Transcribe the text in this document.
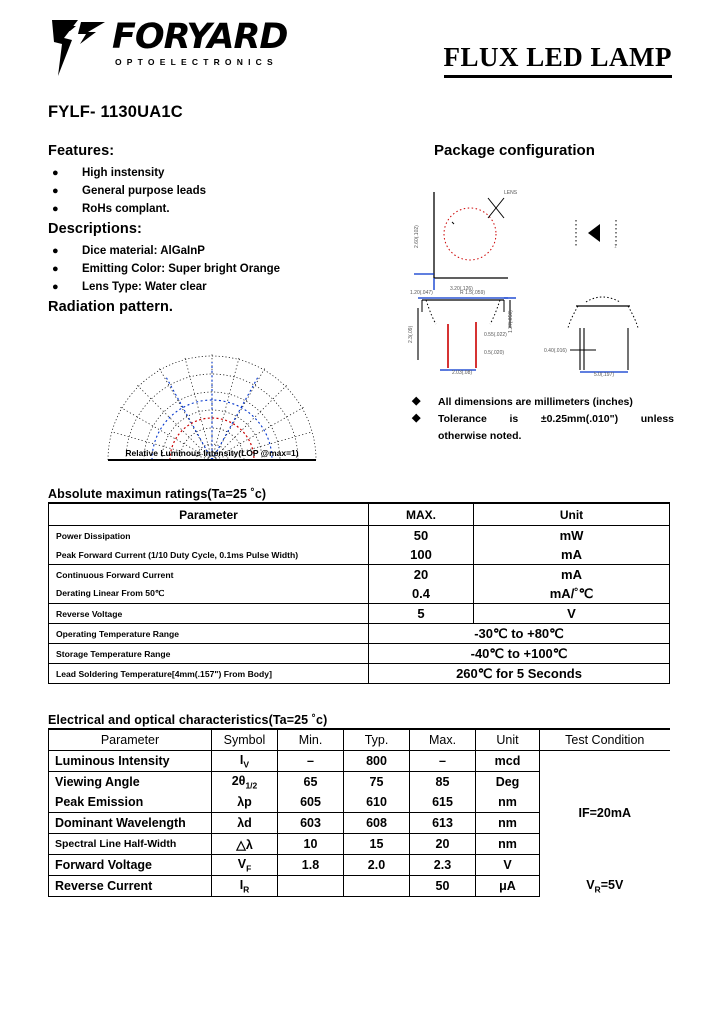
FORYARD
OPTOELECTRONICS	FLUX LED LAMP
FYLF- 1130UA1C
Features:
● High instensity
● General purpose leads
● RoHs complant.
Descriptions:
● Dice material: AlGaInP
● Emitting Color: Super bright Orange
● Lens Type: Water clear
Radiation pattern.
Relative Luminous Intensity(LOP @max=1)
Package configuration
2.60(.102)
3.20(.126)
LENS
1
1.20(.047)
2.03(.08)
1.27(.050)
2.3(.09)	0.55(.022)
0.5(.020)
R 1.5(.059)
0.40(.016)
5.0(.197)
◆ All dimensions are millimeters (inches)
◆ Tolerance is ±0.25mm(.010") unless
otherwise noted.
Absolute maximun ratings(Ta=25 ˚c)
Parameter	MAX.	Unit
Power Dissipation	50	mW
Peak Forward Current (1/10 Duty Cycle, 0.1ms Pulse Width)	100	mA
Continuous Forward Current	20	mA
Derating Linear From 50℃	0.4	mA/˚℃
Reverse Voltage	5	V
Operating Temperature Range	-30℃ to +80℃	
Storage Temperature Range	-40℃ to +100℃	
Lead Soldering Temperature[4mm(.157") From Body]	260℃ for 5 Seconds	
Electrical and optical characteristics(Ta=25 ˚c)
Parameter	Symbol	Min.	Typ.	Max.	Unit	Test Condition
Luminous Intensity	$I_V$	–	800	–	mcd	IF=20mA
Viewing Angle	$2\theta_{1/2}$	65	75	85	Deg	
Peak Emission	λp	605	610	615	nm	
Dominant Wavelength	λd	603	608	613	nm	
Spectral Line Half-Width	△λ	10	15	20	nm	
Forward Voltage	$V_F$	1.8	2.0	2.3	V	
Reverse Current	$I_R$			50	μA	$V_R=5V$
